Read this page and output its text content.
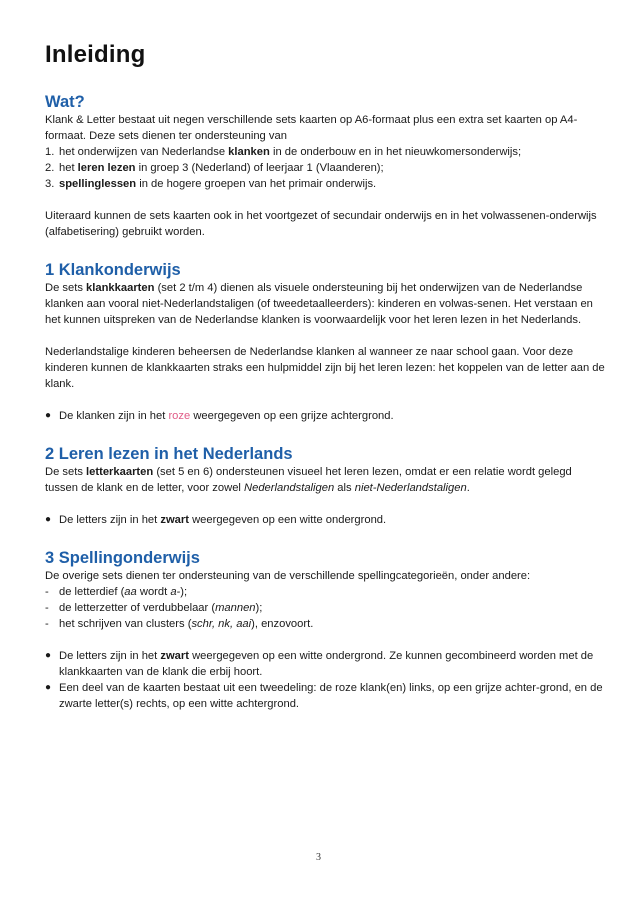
Inleiding
Wat?

Klank & Letter bestaat uit negen verschillende sets kaarten op A6-formaat plus een extra set kaarten op A4-formaat. Deze sets dienen ter ondersteuning van

1. het onderwijzen van Nederlandse klanken in de onderbouw en in het nieuwkomersonderwijs;
2. het leren lezen in groep 3 (Nederland) of leerjaar 1 (Vlaanderen);
3. spellinglessen in de hogere groepen van het primair onderwijs.

Uiteraard kunnen de sets kaarten ook in het voortgezet of secundair onderwijs en in het volwassenen-onderwijs (alfabetisering) gebruikt worden.

1 Klankonderwijs

De sets klankkaarten (set 2 t/m 4) dienen als visuele ondersteuning bij het onderwijzen van de Nederlandse klanken aan vooral niet-Nederlandstaligen (of tweedetaalleerders): kinderen en volwas-senen. Het verstaan en het kunnen uitspreken van de Nederlandse klanken is voorwaardelijk voor het leren lezen in het Nederlands.

Nederlandstalige kinderen beheersen de Nederlandse klanken al wanneer ze naar school gaan. Voor deze kinderen kunnen de klankkaarten straks een hulpmiddel zijn bij het leren lezen: het koppelen van de letter aan de klank.

● De klanken zijn in het roze weergegeven op een grijze achtergrond.
2 Leren lezen in het Nederlands

De sets letterkaarten (set 5 en 6) ondersteunen visueel het leren lezen, omdat er een relatie wordt gelegd tussen de klank en de letter, voor zowel Nederlandstaligen als niet-Nederlandstaligen.

● De letters zijn in het zwart weergegeven op een witte ondergrond.
3 Spellingonderwijs

De overige sets dienen ter ondersteuning van de verschillende spellingcategorieën, onder andere:

- de letterdief (aa wordt a-);
- de letterzetter of verdubbelaar (mannen);
- het schrijven van clusters (schr, nk, aai), enzovoort.
● De letters zijn in het zwart weergegeven op een witte ondergrond. Ze kunnen gecombineerd worden met de klankkaarten van de klank die erbij hoort.
● Een deel van de kaarten bestaat uit een tweedeling: de roze klank(en) links, op een grijze achter-grond, en de zwarte letter(s) rechts, op een witte achtergrond.
3
